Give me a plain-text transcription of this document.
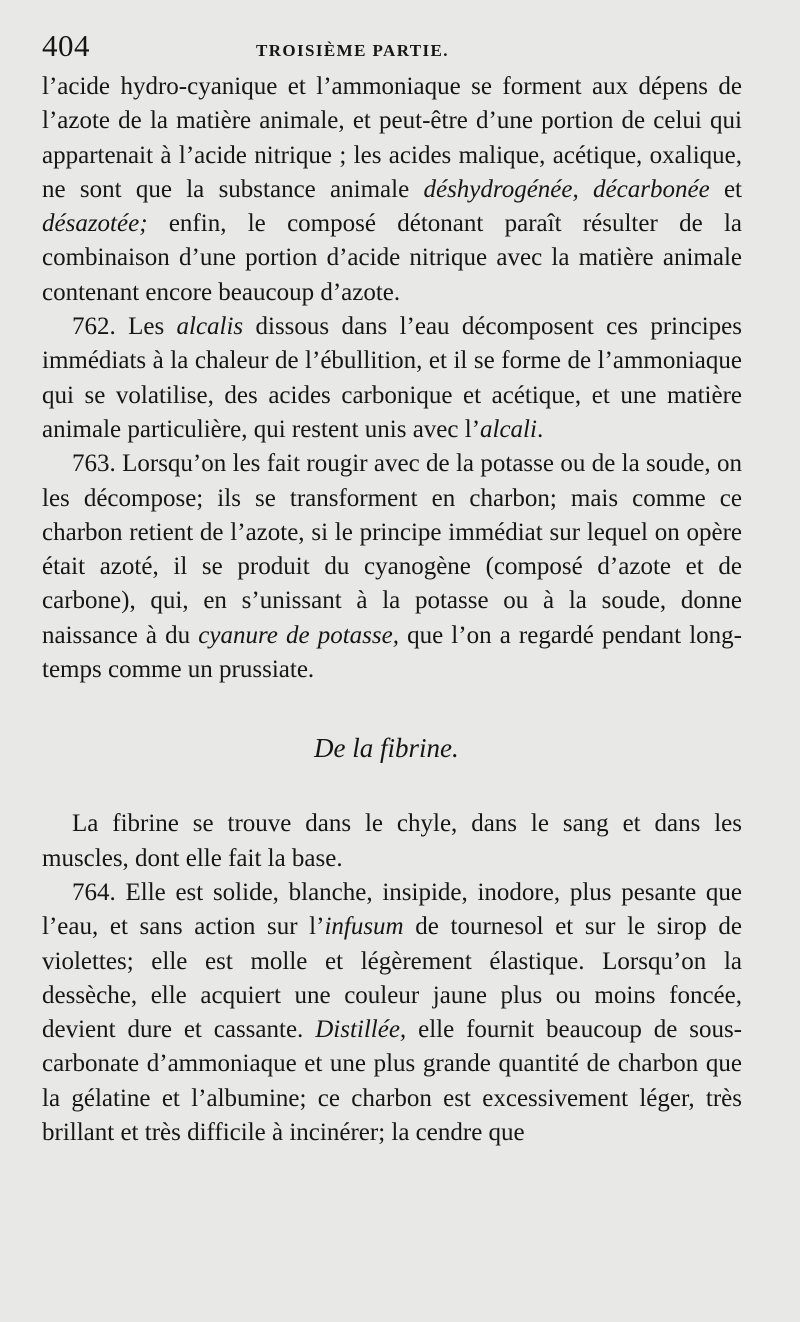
404	TROISIÈME PARTIE.

l’acide hydro-cyanique et l’ammoniaque se forment aux dépens de l’azote de la matière animale, et peut-être d’une portion de celui qui appartenait à l’acide nitrique ; les acides malique, acétique, oxalique, ne sont que la substance animale déshydrogénée, décarbonée et désazotée; enfin, le composé détonant paraît résulter de la combinaison d’une portion d’acide nitrique avec la matière animale contenant encore beaucoup d’azote.

762. Les alcalis dissous dans l’eau décomposent ces principes immédiats à la chaleur de l’ébullition, et il se forme de l’ammoniaque qui se volatilise, des acides carbonique et acétique, et une matière animale particulière, qui restent unis avec l’alcali.

763. Lorsqu’on les fait rougir avec de la potasse ou de la soude, on les décompose; ils se transforment en charbon; mais comme ce charbon retient de l’azote, si le principe immédiat sur lequel on opère était azoté, il se produit du cyanogène (composé d’azote et de carbone), qui, en s’unissant à la potasse ou à la soude, donne naissance à du cyanure de potasse, que l’on a regardé pendant long-temps comme un prussiate.

De la fibrine.

La fibrine se trouve dans le chyle, dans le sang et dans les muscles, dont elle fait la base.

764. Elle est solide, blanche, insipide, inodore, plus pesante que l’eau, et sans action sur l’infusum de tournesol et sur le sirop de violettes; elle est molle et légèrement élastique. Lorsqu’on la dessèche, elle acquiert une couleur jaune plus ou moins foncée, devient dure et cassante. Distillée, elle fournit beaucoup de sous-carbonate d’ammoniaque et une plus grande quantité de charbon que la gélatine et l’albumine; ce charbon est excessivement léger, très brillant et très difficile à incinérer; la cendre que
